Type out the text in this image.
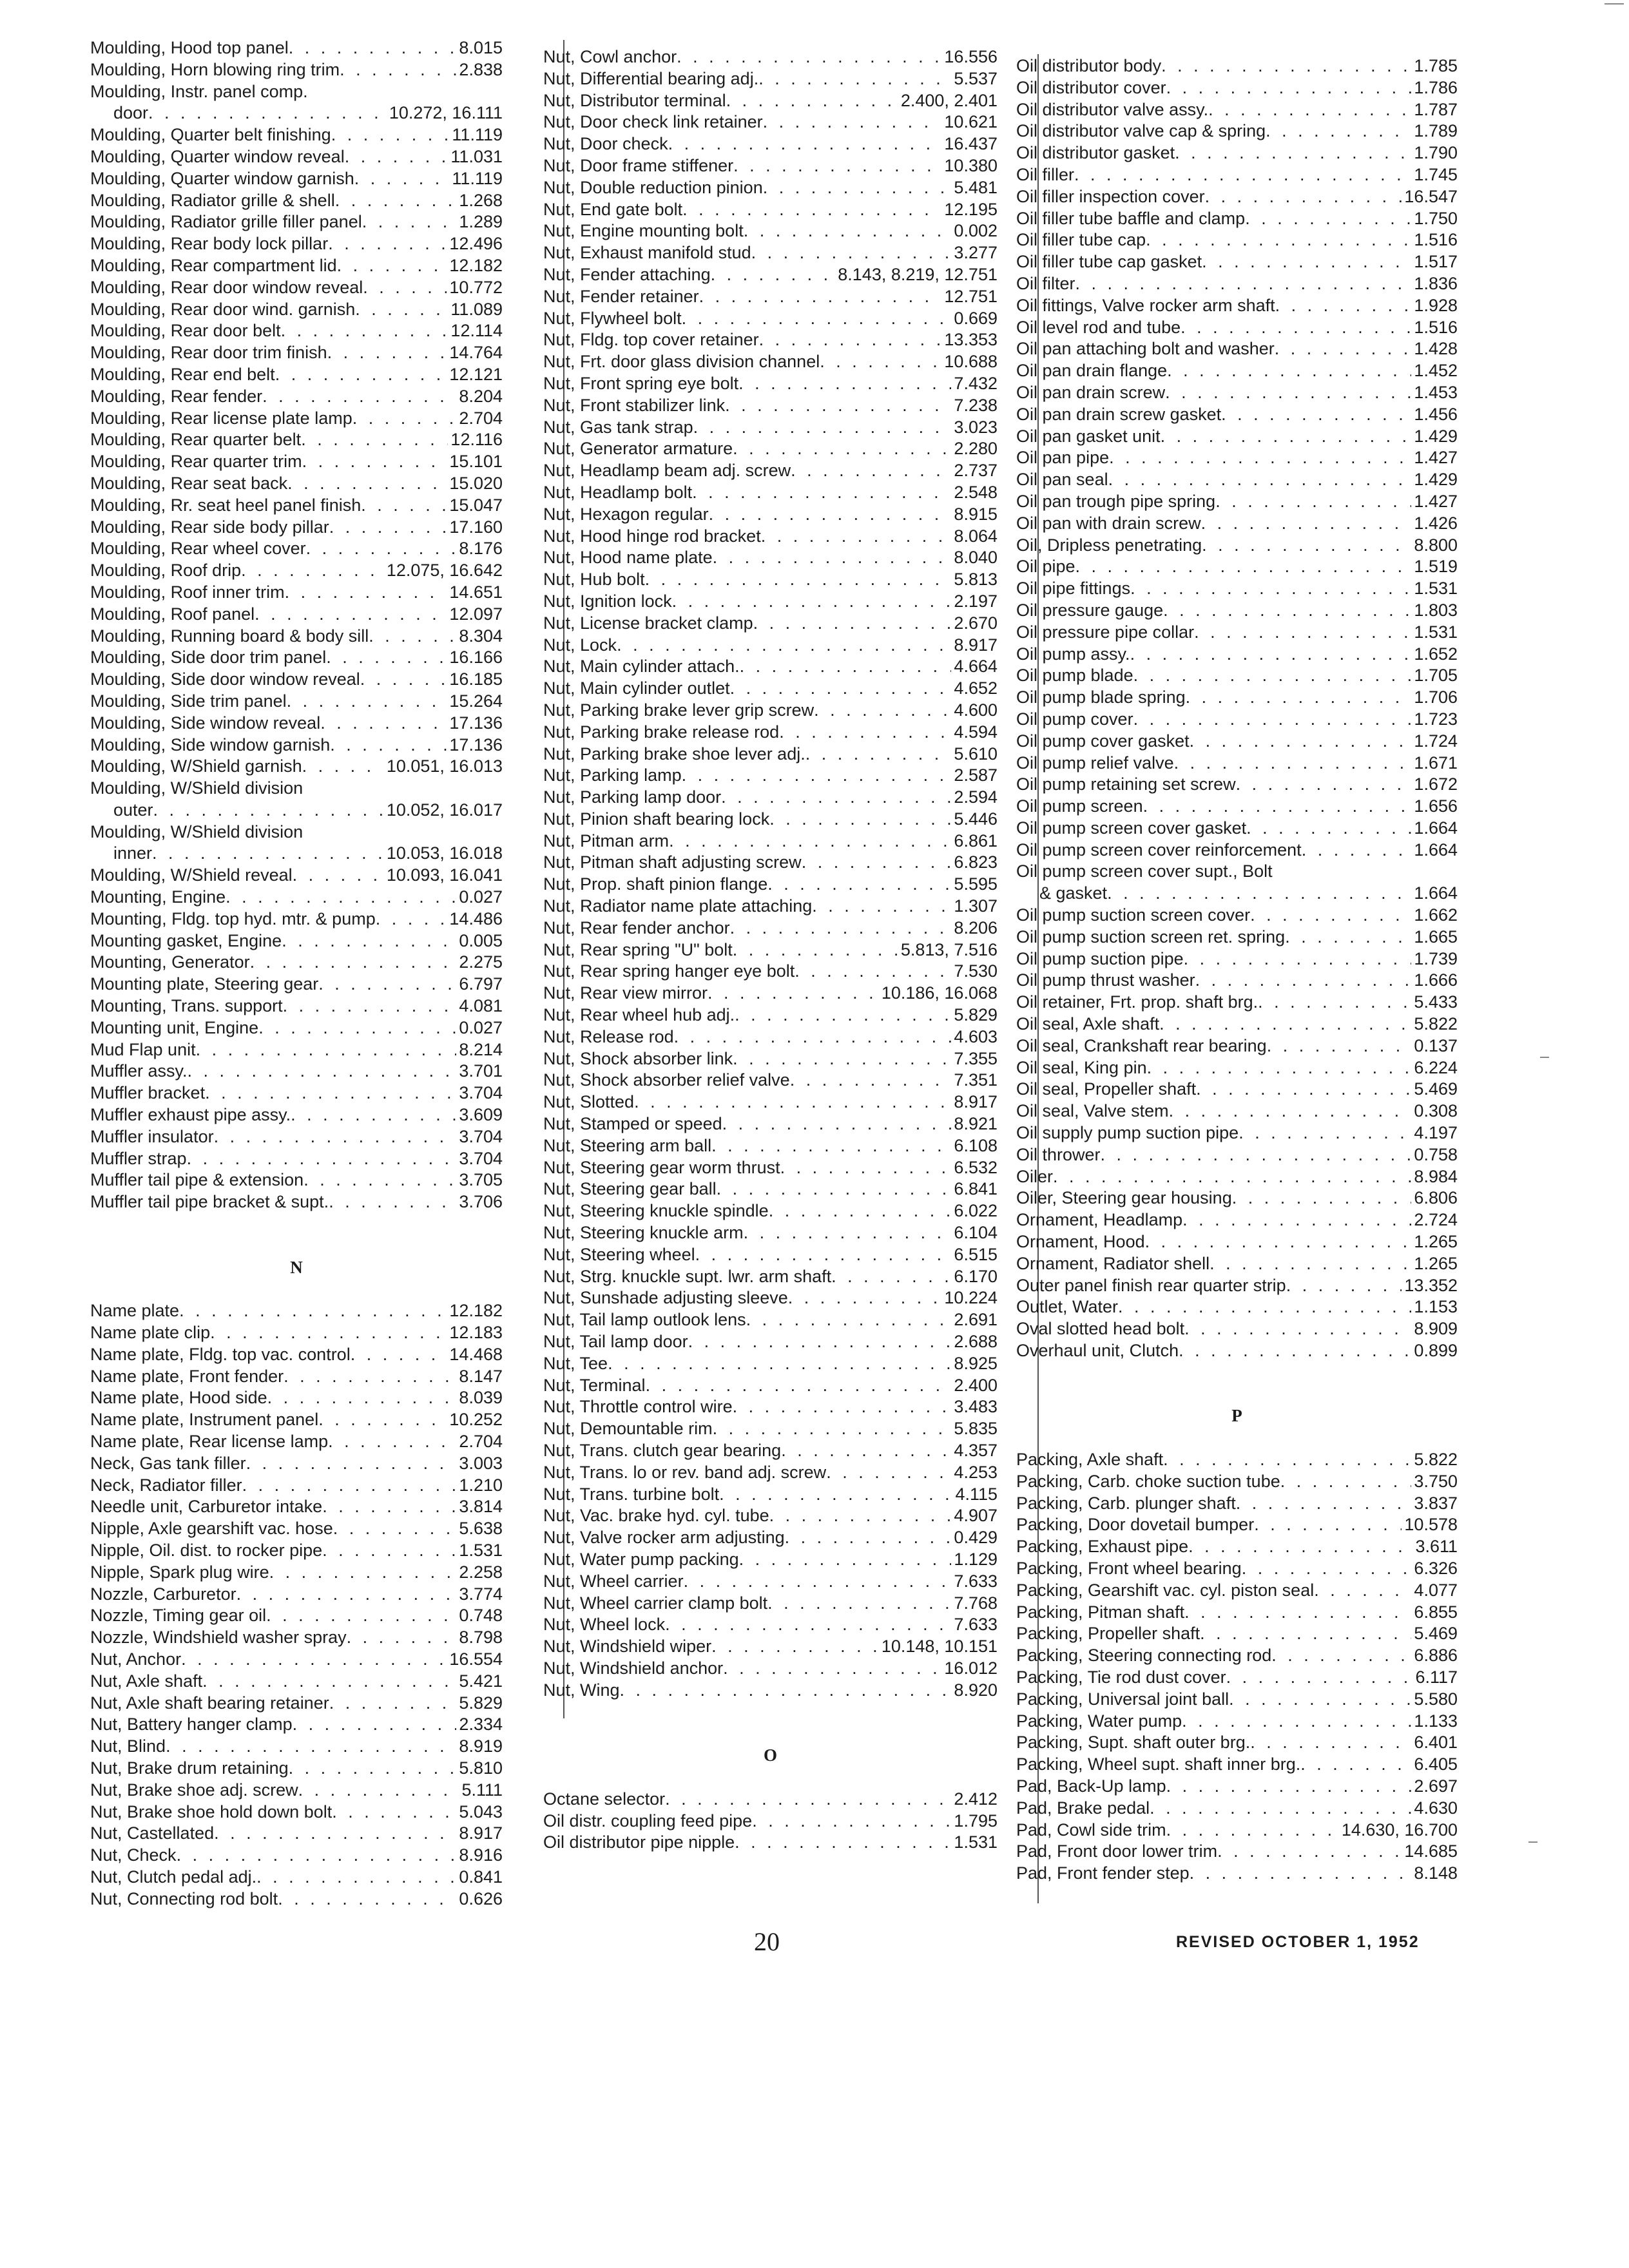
Moulding, Hood top panel . . .	8.015
Moulding, Horn blowing ring trim . . .	2.838
Moulding, Instr. panel comp.
door . . .	10.272, 16.111
Moulding, Quarter belt finishing . . .	11.119
Moulding, Quarter window reveal . . .	11.031
Moulding, Quarter window garnish . . .	11.119
Moulding, Radiator grille & shell . . .	1.268
Moulding, Radiator grille filler panel . . .	1.289
Moulding, Rear body lock pillar . . .	12.496
Moulding, Rear compartment lid . . .	12.182
Moulding, Rear door window reveal . . .	10.772
Moulding, Rear door wind. garnish . . .	11.089
Moulding, Rear door belt . . .	12.114
Moulding, Rear door trim finish . . .	14.764
Moulding, Rear end belt . . .	12.121
Moulding, Rear fender . . .	8.204
Moulding, Rear license plate lamp . . .	2.704
Moulding, Rear quarter belt . . .	12.116
Moulding, Rear quarter trim . . .	15.101
Moulding, Rear seat back . . .	15.020
Moulding, Rr. seat heel panel finish . . .	15.047
Moulding, Rear side body pillar . . .	17.160
Moulding, Rear wheel cover . . .	8.176
Moulding, Roof drip . . .	12.075, 16.642
Moulding, Roof inner trim . . .	14.651
Moulding, Roof panel . . .	12.097
Moulding, Running board & body sill . . .	8.304
Moulding, Side door trim panel . . .	16.166
Moulding, Side door window reveal . . .	16.185
Moulding, Side trim panel . . .	15.264
Moulding, Side window reveal . . .	17.136
Moulding, Side window garnish . . .	17.136
Moulding, W/Shield garnish . . .	10.051, 16.013
Moulding, W/Shield division
outer . . .	10.052, 16.017
Moulding, W/Shield division
inner . . .	10.053, 16.018
Moulding, W/Shield reveal . . .	10.093, 16.041
Mounting, Engine . . .	0.027
Mounting, Fldg. top hyd. mtr. & pump . . .	14.486
Mounting gasket, Engine . . .	0.005
Mounting, Generator . . .	2.275
Mounting plate, Steering gear . . .	6.797
Mounting, Trans. support . . .	4.081
Mounting unit, Engine . . .	0.027
Mud Flap unit . . .	8.214
Muffler assy. . . .	3.701
Muffler bracket . . .	3.704
Muffler exhaust pipe assy. . . .	3.609
Muffler insulator . . .	3.704
Muffler strap . . .	3.704
Muffler tail pipe & extension . . .	3.705
Muffler tail pipe bracket & supt. . . .	3.706
N
Name plate . . .	12.182
Name plate clip . . .	12.183
Name plate, Fldg. top vac. control . . .	14.468
Name plate, Front fender . . .	8.147
Name plate, Hood side . . .	8.039
Name plate, Instrument panel . . .	10.252
Name plate, Rear license lamp . . .	2.704
Neck, Gas tank filler . . .	3.003
Neck, Radiator filler . . .	1.210
Needle unit, Carburetor intake . . .	3.814
Nipple, Axle gearshift vac. hose . . .	5.638
Nipple, Oil. dist. to rocker pipe . . .	1.531
Nipple, Spark plug wire . . .	2.258
Nozzle, Carburetor . . .	3.774
Nozzle, Timing gear oil . . .	0.748
Nozzle, Windshield washer spray . . .	8.798
Nut, Anchor . . .	16.554
Nut, Axle shaft . . .	5.421
Nut, Axle shaft bearing retainer . . .	5.829
Nut, Battery hanger clamp . . .	2.334
Nut, Blind . . .	8.919
Nut, Brake drum retaining . . .	5.810
Nut, Brake shoe adj. screw . . .	5.111
Nut, Brake shoe hold down bolt . . .	5.043
Nut, Castellated . . .	8.917
Nut, Check . . .	8.916
Nut, Clutch pedal adj. . . .	0.841
Nut, Connecting rod bolt . . .	0.626
Nut, Cowl anchor . . .	16.556
Nut, Differential bearing adj. . . .	5.537
Nut, Distributor terminal . . .	2.400, 2.401
Nut, Door check link retainer . . .	10.621
Nut, Door check . . .	16.437
Nut, Door frame stiffener . . .	10.380
Nut, Double reduction pinion . . .	5.481
Nut, End gate bolt . . .	12.195
Nut, Engine mounting bolt . . .	0.002
Nut, Exhaust manifold stud . . .	3.277
Nut, Fender attaching . . .	8.143, 8.219, 12.751
Nut, Fender retainer . . .	12.751
Nut, Flywheel bolt . . .	0.669
Nut, Fldg. top cover retainer . . .	13.353
Nut, Frt. door glass division channel . . .	10.688
Nut, Front spring eye bolt . . .	7.432
Nut, Front stabilizer link . . .	7.238
Nut, Gas tank strap . . .	3.023
Nut, Generator armature . . .	2.280
Nut, Headlamp beam adj. screw . . .	2.737
Nut, Headlamp bolt . . .	2.548
Nut, Hexagon regular . . .	8.915
Nut, Hood hinge rod bracket . . .	8.064
Nut, Hood name plate . . .	8.040
Nut, Hub bolt . . .	5.813
Nut, Ignition lock . . .	2.197
Nut, License bracket clamp . . .	2.670
Nut, Lock . . .	8.917
Nut, Main cylinder attach. . . .	4.664
Nut, Main cylinder outlet . . .	4.652
Nut, Parking brake lever grip screw . . .	4.600
Nut, Parking brake release rod . . .	4.594
Nut, Parking brake shoe lever adj. . . .	5.610
Nut, Parking lamp . . .	2.587
Nut, Parking lamp door . . .	2.594
Nut, Pinion shaft bearing lock . . .	5.446
Nut, Pitman arm . . .	6.861
Nut, Pitman shaft adjusting screw . . .	6.823
Nut, Prop. shaft pinion flange . . .	5.595
Nut, Radiator name plate attaching . . .	1.307
Nut, Rear fender anchor . . .	8.206
Nut, Rear spring "U" bolt . . .	5.813, 7.516
Nut, Rear spring hanger eye bolt . . .	7.530
Nut, Rear view mirror . . .	10.186, 16.068
Nut, Rear wheel hub adj. . . .	5.829
Nut, Release rod . . .	4.603
Nut, Shock absorber link . . .	7.355
Nut, Shock absorber relief valve . . .	7.351
Nut, Slotted . . .	8.917
Nut, Stamped or speed . . .	8.921
Nut, Steering arm ball . . .	6.108
Nut, Steering gear worm thrust . . .	6.532
Nut, Steering gear ball . . .	6.841
Nut, Steering knuckle spindle . . .	6.022
Nut, Steering knuckle arm . . .	6.104
Nut, Steering wheel . . .	6.515
Nut, Strg. knuckle supt. lwr. arm shaft . . .	6.170
Nut, Sunshade adjusting sleeve . . .	10.224
Nut, Tail lamp outlook lens . . .	2.691
Nut, Tail lamp door . . .	2.688
Nut, Tee . . .	8.925
Nut, Terminal . . .	2.400
Nut, Throttle control wire . . .	3.483
Nut, Demountable rim . . .	5.835
Nut, Trans. clutch gear bearing . . .	4.357
Nut, Trans. lo or rev. band adj. screw . . .	4.253
Nut, Trans. turbine bolt . . .	4.115
Nut, Vac. brake hyd. cyl. tube . . .	4.907
Nut, Valve rocker arm adjusting . . .	0.429
Nut, Water pump packing . . .	1.129
Nut, Wheel carrier . . .	7.633
Nut, Wheel carrier clamp bolt . . .	7.768
Nut, Wheel lock . . .	7.633
Nut, Windshield wiper . . .	10.148, 10.151
Nut, Windshield anchor . . .	16.012
Nut, Wing . . .	8.920
O
Octane selector . . .	2.412
Oil distr. coupling feed pipe . . .	1.795
Oil distributor pipe nipple . . .	1.531
Oil distributor body . . .	1.785
Oil distributor cover . . .	1.786
Oil distributor valve assy. . . .	1.787
Oil distributor valve cap & spring . . .	1.789
Oil distributor gasket . . .	1.790
Oil filler . . .	1.745
Oil filler inspection cover . . .	16.547
Oil filler tube baffle and clamp . . .	1.750
Oil filler tube cap . . .	1.516
Oil filler tube cap gasket . . .	1.517
Oil filter . . .	1.836
Oil fittings, Valve rocker arm shaft . . .	1.928
Oil level rod and tube . . .	1.516
Oil pan attaching bolt and washer . . .	1.428
Oil pan drain flange . . .	1.452
Oil pan drain screw . . .	1.453
Oil pan drain screw gasket . . .	1.456
Oil pan gasket unit . . .	1.429
Oil pan pipe . . .	1.427
Oil pan seal . . .	1.429
Oil pan trough pipe spring . . .	1.427
Oil pan with drain screw . . .	1.426
Oil, Dripless penetrating . . .	8.800
Oil pipe . . .	1.519
Oil pipe fittings . . .	1.531
Oil pressure gauge . . .	1.803
Oil pressure pipe collar . . .	1.531
Oil pump assy. . . .	1.652
Oil pump blade . . .	1.705
Oil pump blade spring . . .	1.706
Oil pump cover . . .	1.723
Oil pump cover gasket . . .	1.724
Oil pump relief valve . . .	1.671
Oil pump retaining set screw . . .	1.672
Oil pump screen . . .	1.656
Oil pump screen cover gasket . . .	1.664
Oil pump screen cover reinforcement . . .	1.664
Oil pump screen cover supt., Bolt
& gasket . . .	1.664
Oil pump suction screen cover . . .	1.662
Oil pump suction screen ret. spring . . .	1.665
Oil pump suction pipe . . .	1.739
Oil pump thrust washer . . .	1.666
Oil retainer, Frt. prop. shaft brg. . . .	5.433
Oil seal, Axle shaft . . .	5.822
Oil seal, Crankshaft rear bearing . . .	0.137
Oil seal, King pin . . .	6.224
Oil seal, Propeller shaft . . .	5.469
Oil seal, Valve stem . . .	0.308
Oil supply pump suction pipe . . .	4.197
Oil thrower . . .	0.758
Oiler . . .	8.984
Oiler, Steering gear housing . . .	6.806
Ornament, Headlamp . . .	2.724
Ornament, Hood . . .	1.265
Ornament, Radiator shell . . .	1.265
Outer panel finish rear quarter strip . . .	13.352
Outlet, Water . . .	1.153
Oval slotted head bolt . . .	8.909
Overhaul unit, Clutch . . .	0.899
P
Packing, Axle shaft . . .	5.822
Packing, Carb. choke suction tube . . .	3.750
Packing, Carb. plunger shaft . . .	3.837
Packing, Door dovetail bumper . . .	10.578
Packing, Exhaust pipe . . .	3.611
Packing, Front wheel bearing . . .	6.326
Packing, Gearshift vac. cyl. piston seal . . .	4.077
Packing, Pitman shaft . . .	6.855
Packing, Propeller shaft . . .	5.469
Packing, Steering connecting rod . . .	6.886
Packing, Tie rod dust cover . . .	6.117
Packing, Universal joint ball . . .	5.580
Packing, Water pump . . .	1.133
Packing, Supt. shaft outer brg. . . .	6.401
Packing, Wheel supt. shaft inner brg. . . .	6.405
Pad, Back-Up lamp . . .	2.697
Pad, Brake pedal . . .	4.630
Pad, Cowl side trim . . .	14.630, 16.700
Pad, Front door lower trim . . .	14.685
Pad, Front fender step . . .	8.148
20	REVISED OCTOBER 1, 1952
